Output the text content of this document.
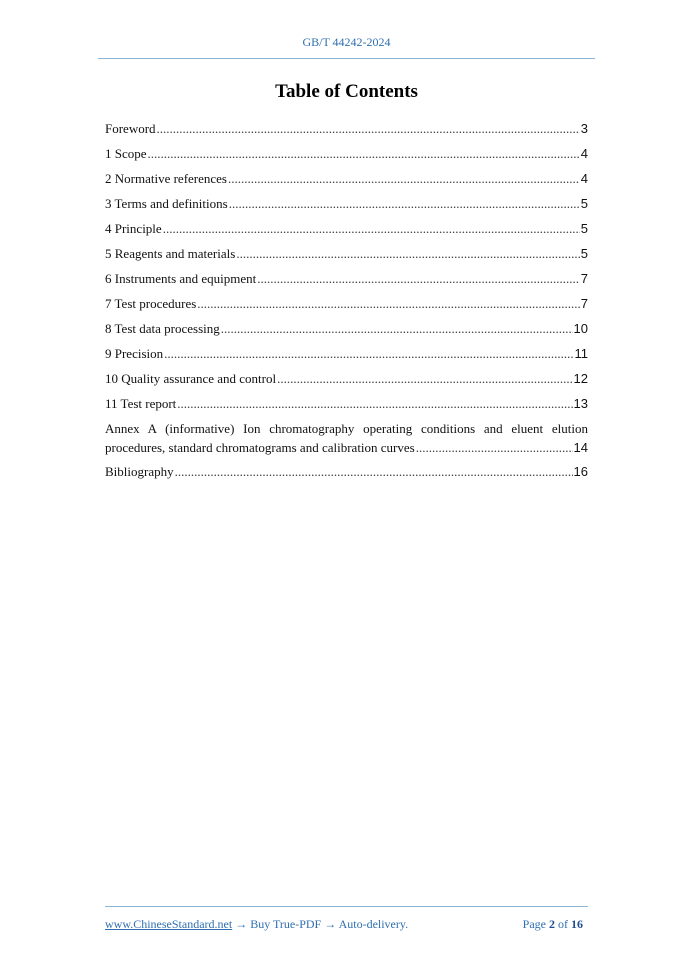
GB/T 44242-2024
Table of Contents
Foreword .....	3
1 Scope .....	4
2 Normative references .....	4
3 Terms and definitions .....	5
4 Principle .....	5
5 Reagents and materials .....	5
6 Instruments and equipment .....	7
7 Test procedures .....	7
8 Test data processing .....	10
9 Precision .....	11
10 Quality assurance and control .....	12
11 Test report .....	13
Annex A (informative) Ion chromatography operating conditions and eluent elution
procedures, standard chromatograms and calibration curves .....	14
Bibliography .....	16
www.ChineseStandard.net → Buy True-PDF → Auto-delivery.	Page 2 of 16
